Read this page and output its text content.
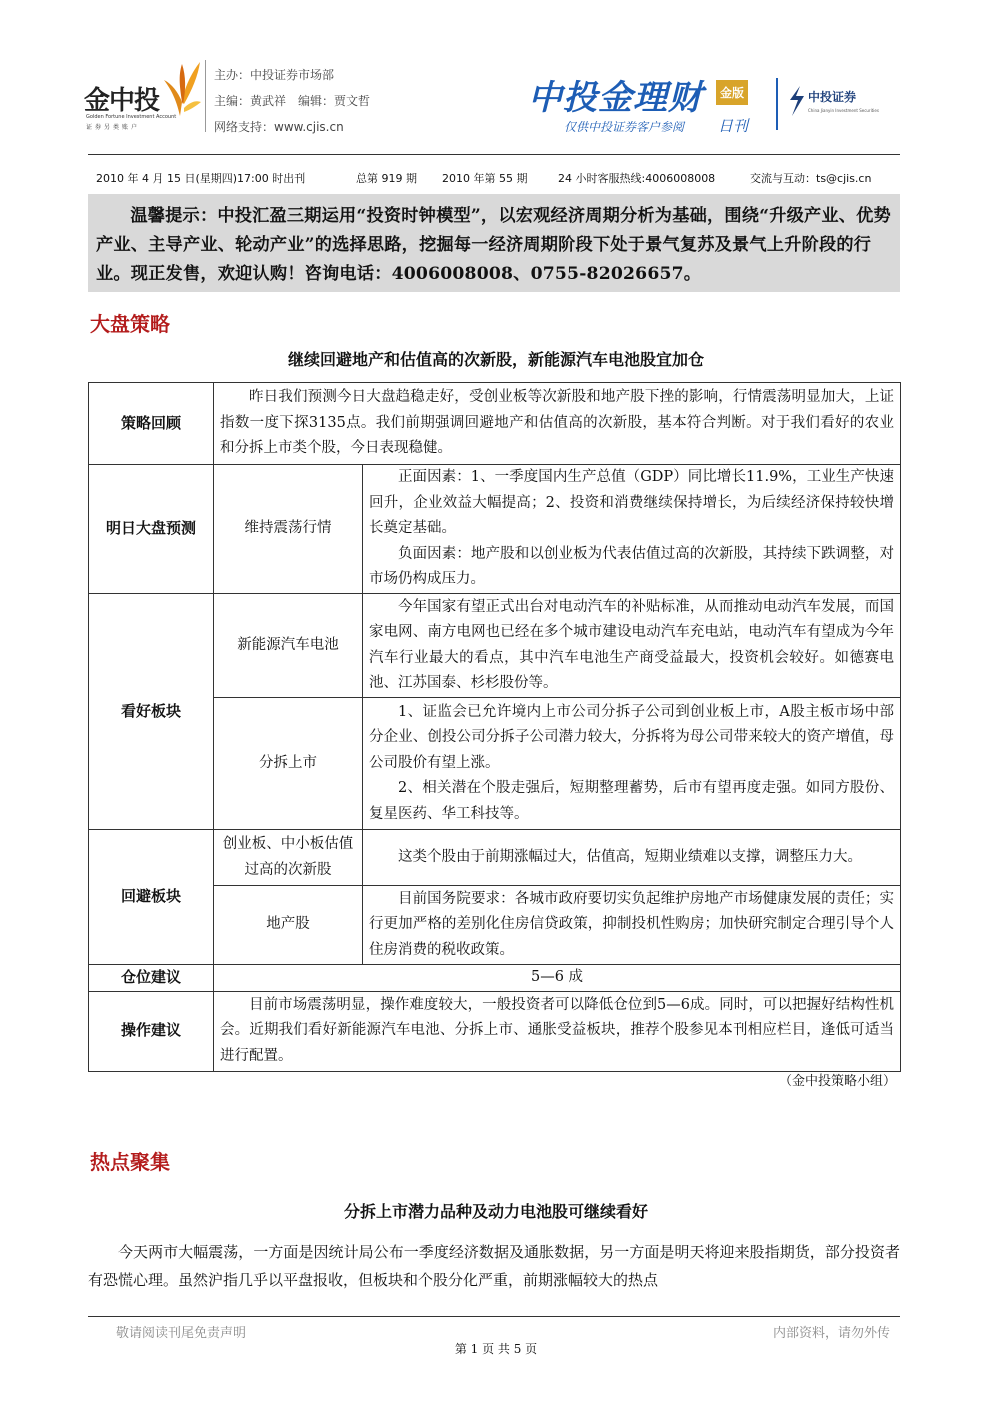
金中投
Golden Fortune Investment Account
证券另类账户
主办：中投证券市场部
主编：黄武祥　编辑：贾文哲
网络支持：www.cjis.cn
中投金理财	金版
仅供中投证券客户参阅 日刊
中投证券
China Jianyin Investment Securities
2010 年 4 月 15 日(星期四)17:00 时出刊	总第 919 期 2010 年第 55 期	24 小时客服热线:4006008008	交流与互动：ts@cjis.cn

温馨提示：中投汇盈三期运用“投资时钟模型”，以宏观经济周期分析为基础，围绕“升级产业、优势产业、主导产业、轮动产业”的选择思路，挖掘每一经济周期阶段下处于景气复苏及景气上升阶段的行业。现正发售，欢迎认购！咨询电话：4006008008、0755-82026657。

大盘策略
继续回避地产和估值高的次新股，新能源汽车电池股宜加仓
策略回顾	昨日我们预测今日大盘趋稳走好，受创业板等次新股和地产股下挫的影响，行情震荡明显加大，上证指数一度下探3135点。我们前期强调回避地产和估值高的次新股，基本符合判断。对于我们看好的农业和分拆上市类个股，今日表现稳健。	

明日大盘预测	维持震荡行情	正面因素：1、一季度国内生产总值（GDP）同比增长11.9%，工业生产快速回升，企业效益大幅提高；2、投资和消费继续保持增长，为后续经济保持较快增长奠定基础。

负面因素：地产股和以创业板为代表估值过高的次新股，其持续下跌调整，对市场仍构成压力。

看好板块	新能源汽车电池	今年国家有望正式出台对电动汽车的补贴标准，从而推动电动汽车发展，而国家电网、南方电网也已经在多个城市建设电动汽车充电站，电动汽车有望成为今年汽车行业最大的看点，其中汽车电池生产商受益最大，投资机会较好。如德赛电池、江苏国泰、杉杉股份等。

	分拆上市	1、证监会已允许境内上市公司分拆子公司到创业板上市，A股主板市场中部分企业、创投公司分拆子公司潜力较大，分拆将为母公司带来较大的资产增值，母公司股价有望上涨。

2、相关潜在个股走强后，短期整理蓄势，后市有望再度走强。如同方股份、复星医药、华工科技等。

回避板块	创业板、中小板估值过高的次新股	这类个股由于前期涨幅过大，估值高，短期业绩难以支撑，调整压力大。

	地产股	目前国务院要求：各城市政府要切实负起维护房地产市场健康发展的责任；实行更加严格的差别化住房信贷政策，抑制投机性购房；加快研究制定合理引导个人住房消费的税收政策。

仓位建议	5—6 成	
操作建议	目前市场震荡明显，操作难度较大，一般投资者可以降低仓位到5—6成。同时，可以把握好结构性机会。近期我们看好新能源汽车电池、分拆上市、通胀受益板块，推荐个股参见本刊相应栏目，逢低可适当进行配置。	

（金中投策略小组）
热点聚集
分拆上市潜力品种及动力电池股可继续看好

今天两市大幅震荡，一方面是因统计局公布一季度经济数据及通胀数据，另一方面是明天将迎来股指期货，部分投资者有恐慌心理。虽然沪指几乎以平盘报收，但板块和个股分化严重，前期涨幅较大的热点

敬请阅读刊尾免责声明	内部资料，请勿外传
第 1 页 共 5 页
